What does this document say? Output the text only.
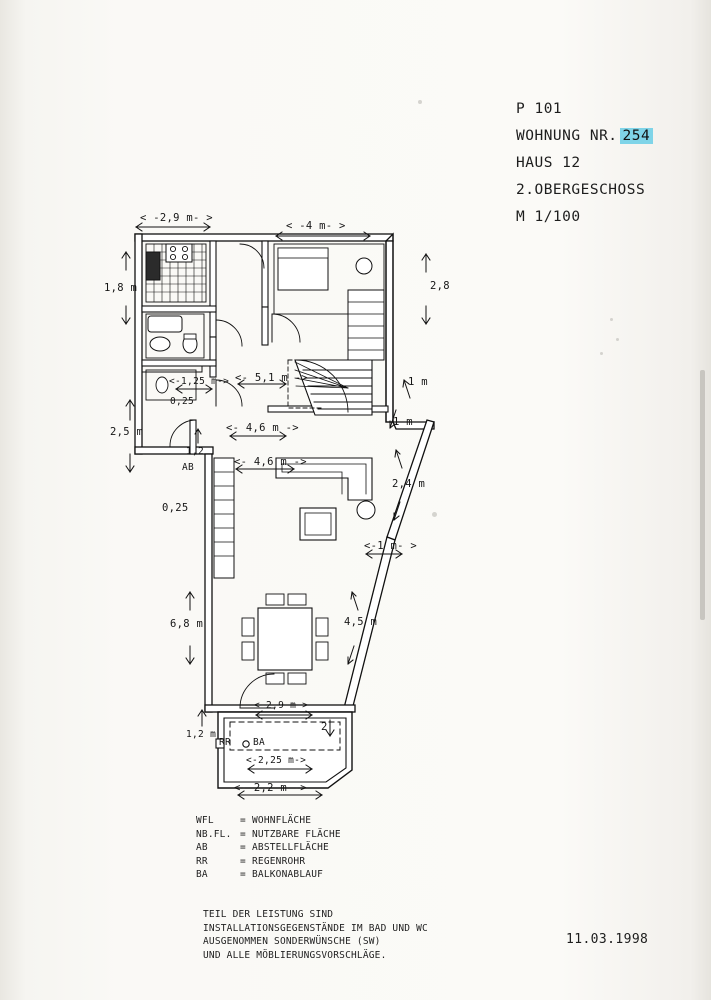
P 101
WOHNUNG NR. 254
HAUS 12
2.OBERGESCHOSS
M 1/100
11.03.1998
< -2,9 m- >
< -4 m- >
1,8 m	2,8
<-1,25 m->
0,25
<- 5,1 m ->	1 m
2,5 m	<- 4,6 m ->	1 m
1,2
<- 4,6 m ->
0,25
2,4 m
<-1 m- >
6,8 m	4,5 m
<-2,9 m->
2
1,2 m
<-2,25 m->
<- 2,2 m ->
AB
RR BA
WFL	= WOHNFLÄCHE
NB.FL. = NUTZBARE FLÄCHE
AB	= ABSTELLFLÄCHE
RR	= REGENROHR
BA	= BALKONABLAUF
TEIL DER LEISTUNG SIND
INSTALLATIONSGEGENSTÄNDE IM BAD UND WC
AUSGENOMMEN SONDERWÜNSCHE (SW)
UND ALLE MÖBLIERUNGSVORSCHLÄGE.
